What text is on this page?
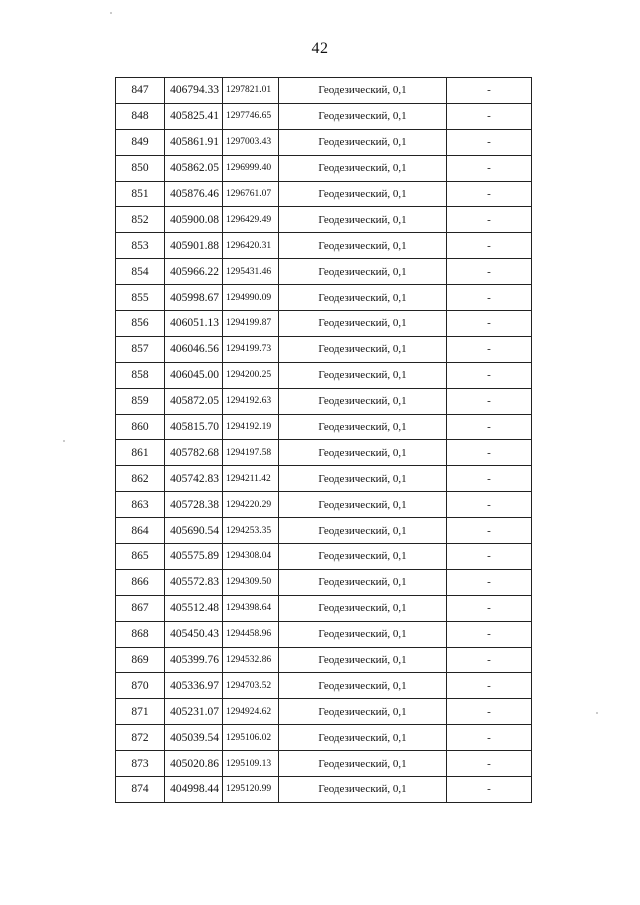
42
847	406794.33	1297821.01	Геодезический, 0,1	-
848	405825.41	1297746.65	Геодезический, 0,1	-
849	405861.91	1297003.43	Геодезический, 0,1	-
850	405862.05	1296999.40	Геодезический, 0,1	-
851	405876.46	1296761.07	Геодезический, 0,1	-
852	405900.08	1296429.49	Геодезический, 0,1	-
853	405901.88	1296420.31	Геодезический, 0,1	-
854	405966.22	1295431.46	Геодезический, 0,1	-
855	405998.67	1294990.09	Геодезический, 0,1	-
856	406051.13	1294199.87	Геодезический, 0,1	-
857	406046.56	1294199.73	Геодезический, 0,1	-
858	406045.00	1294200.25	Геодезический, 0,1	-
859	405872.05	1294192.63	Геодезический, 0,1	-
860	405815.70	1294192.19	Геодезический, 0,1	-
861	405782.68	1294197.58	Геодезический, 0,1	-
862	405742.83	1294211.42	Геодезический, 0,1	-
863	405728.38	1294220.29	Геодезический, 0,1	-
864	405690.54	1294253.35	Геодезический, 0,1	-
865	405575.89	1294308.04	Геодезический, 0,1	-
866	405572.83	1294309.50	Геодезический, 0,1	-
867	405512.48	1294398.64	Геодезический, 0,1	-
868	405450.43	1294458.96	Геодезический, 0,1	-
869	405399.76	1294532.86	Геодезический, 0,1	-
870	405336.97	1294703.52	Геодезический, 0,1	-
871	405231.07	1294924.62	Геодезический, 0,1	-
872	405039.54	1295106.02	Геодезический, 0,1	-
873	405020.86	1295109.13	Геодезический, 0,1	-
874	404998.44	1295120.99	Геодезический, 0,1	-
